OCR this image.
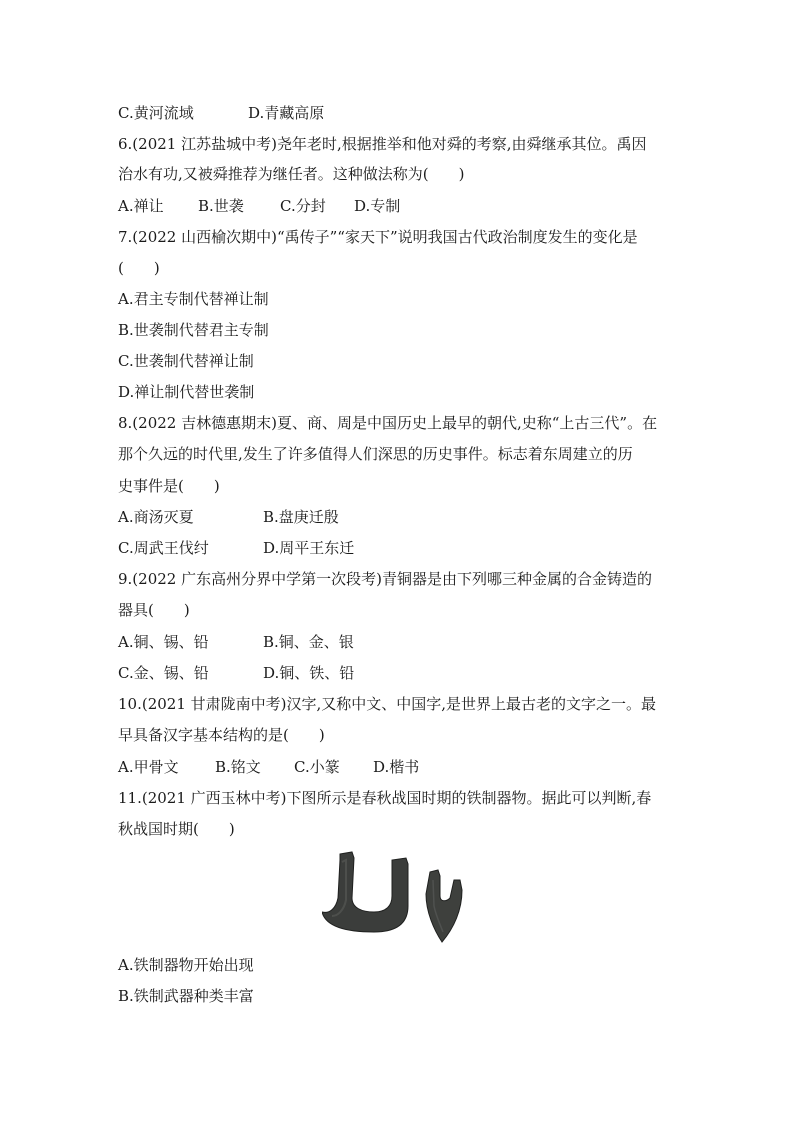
C.黄河流域	D.青藏高原
6.(2021 江苏盐城中考)尧年老时,根据推举和他对舜的考察,由舜继承其位。禹因
治水有功,又被舜推荐为继任者。这种做法称为(　　)
A.禅让 B.世袭 C.分封 D.专制
7.(2022 山西榆次期中)“禹传子”“家天下”说明我国古代政治制度发生的变化是
(　　)
A.君主专制代替禅让制
B.世袭制代替君主专制
C.世袭制代替禅让制
D.禅让制代替世袭制
8.(2022 吉林德惠期末)夏、商、周是中国历史上最早的朝代,史称“上古三代”。在
那个久远的时代里,发生了许多值得人们深思的历史事件。标志着东周建立的历
史事件是(　　)
A.商汤灭夏	B.盘庚迁殷
C.周武王伐纣	D.周平王东迁
9.(2022 广东高州分界中学第一次段考)青铜器是由下列哪三种金属的合金铸造的
器具(　　)
A.铜、锡、铅	B.铜、金、银
C.金、锡、铅	D.铜、铁、铅
10.(2021 甘肃陇南中考)汉字,又称中文、中国字,是世界上最古老的文字之一。最
早具备汉字基本结构的是(　　)
A.甲骨文 B.铭文 C.小篆 D.楷书
11.(2021 广西玉林中考)下图所示是春秋战国时期的铁制器物。据此可以判断,春
秋战国时期(　　)
A.铁制器物开始出现
B.铁制武器种类丰富
